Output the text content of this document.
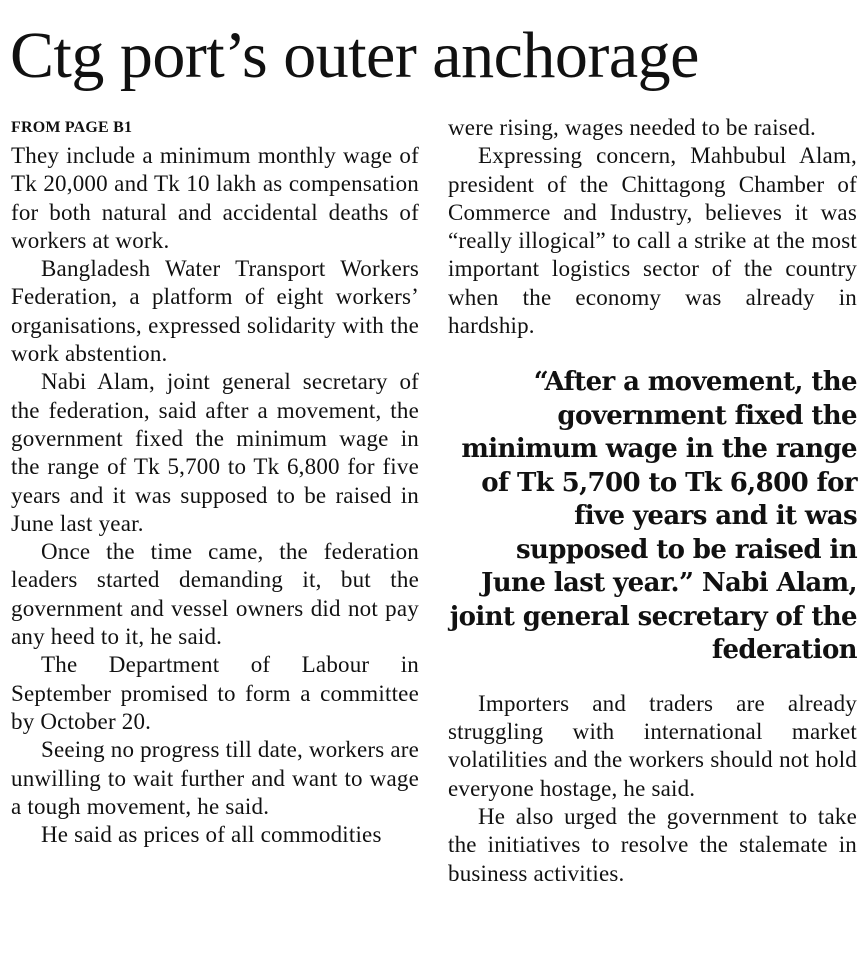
Ctg port’s outer anchorage
FROM PAGE B1

They include a minimum monthly wage of Tk 20,000 and Tk 10 lakh as compensation for both natural and accidental deaths of workers at work.

Bangladesh Water Transport Workers Federation, a platform of eight workers’ organisations, expressed solidarity with the work abstention.

Nabi Alam, joint general secretary of the federation, said after a movement, the government fixed the minimum wage in the range of Tk 5,700 to Tk 6,800 for five years and it was supposed to be raised in June last year.

Once the time came, the federation leaders started demanding it, but the government and vessel owners did not pay any heed to it, he said.

The Department of Labour in September promised to form a committee by October 20.

Seeing no progress till date, workers are unwilling to wait further and want to wage a tough movement, he said.

He said as prices of all commodities

were rising, wages needed to be raised.

Expressing concern, Mahbubul Alam, president of the Chittagong Chamber of Commerce and Industry, believes it was “really illogical” to call a strike at the most important logistics sector of the country when the economy was already in hardship.

“After a movement, the government fixed the minimum wage in the range of Tk 5,700 to Tk 6,800 for five years and it was supposed to be raised in June last year.” Nabi Alam, joint general secretary of the federation

Importers and traders are already struggling with international market volatilities and the workers should not hold everyone hostage, he said.

He also urged the government to take the initiatives to resolve the stalemate in business activities.
